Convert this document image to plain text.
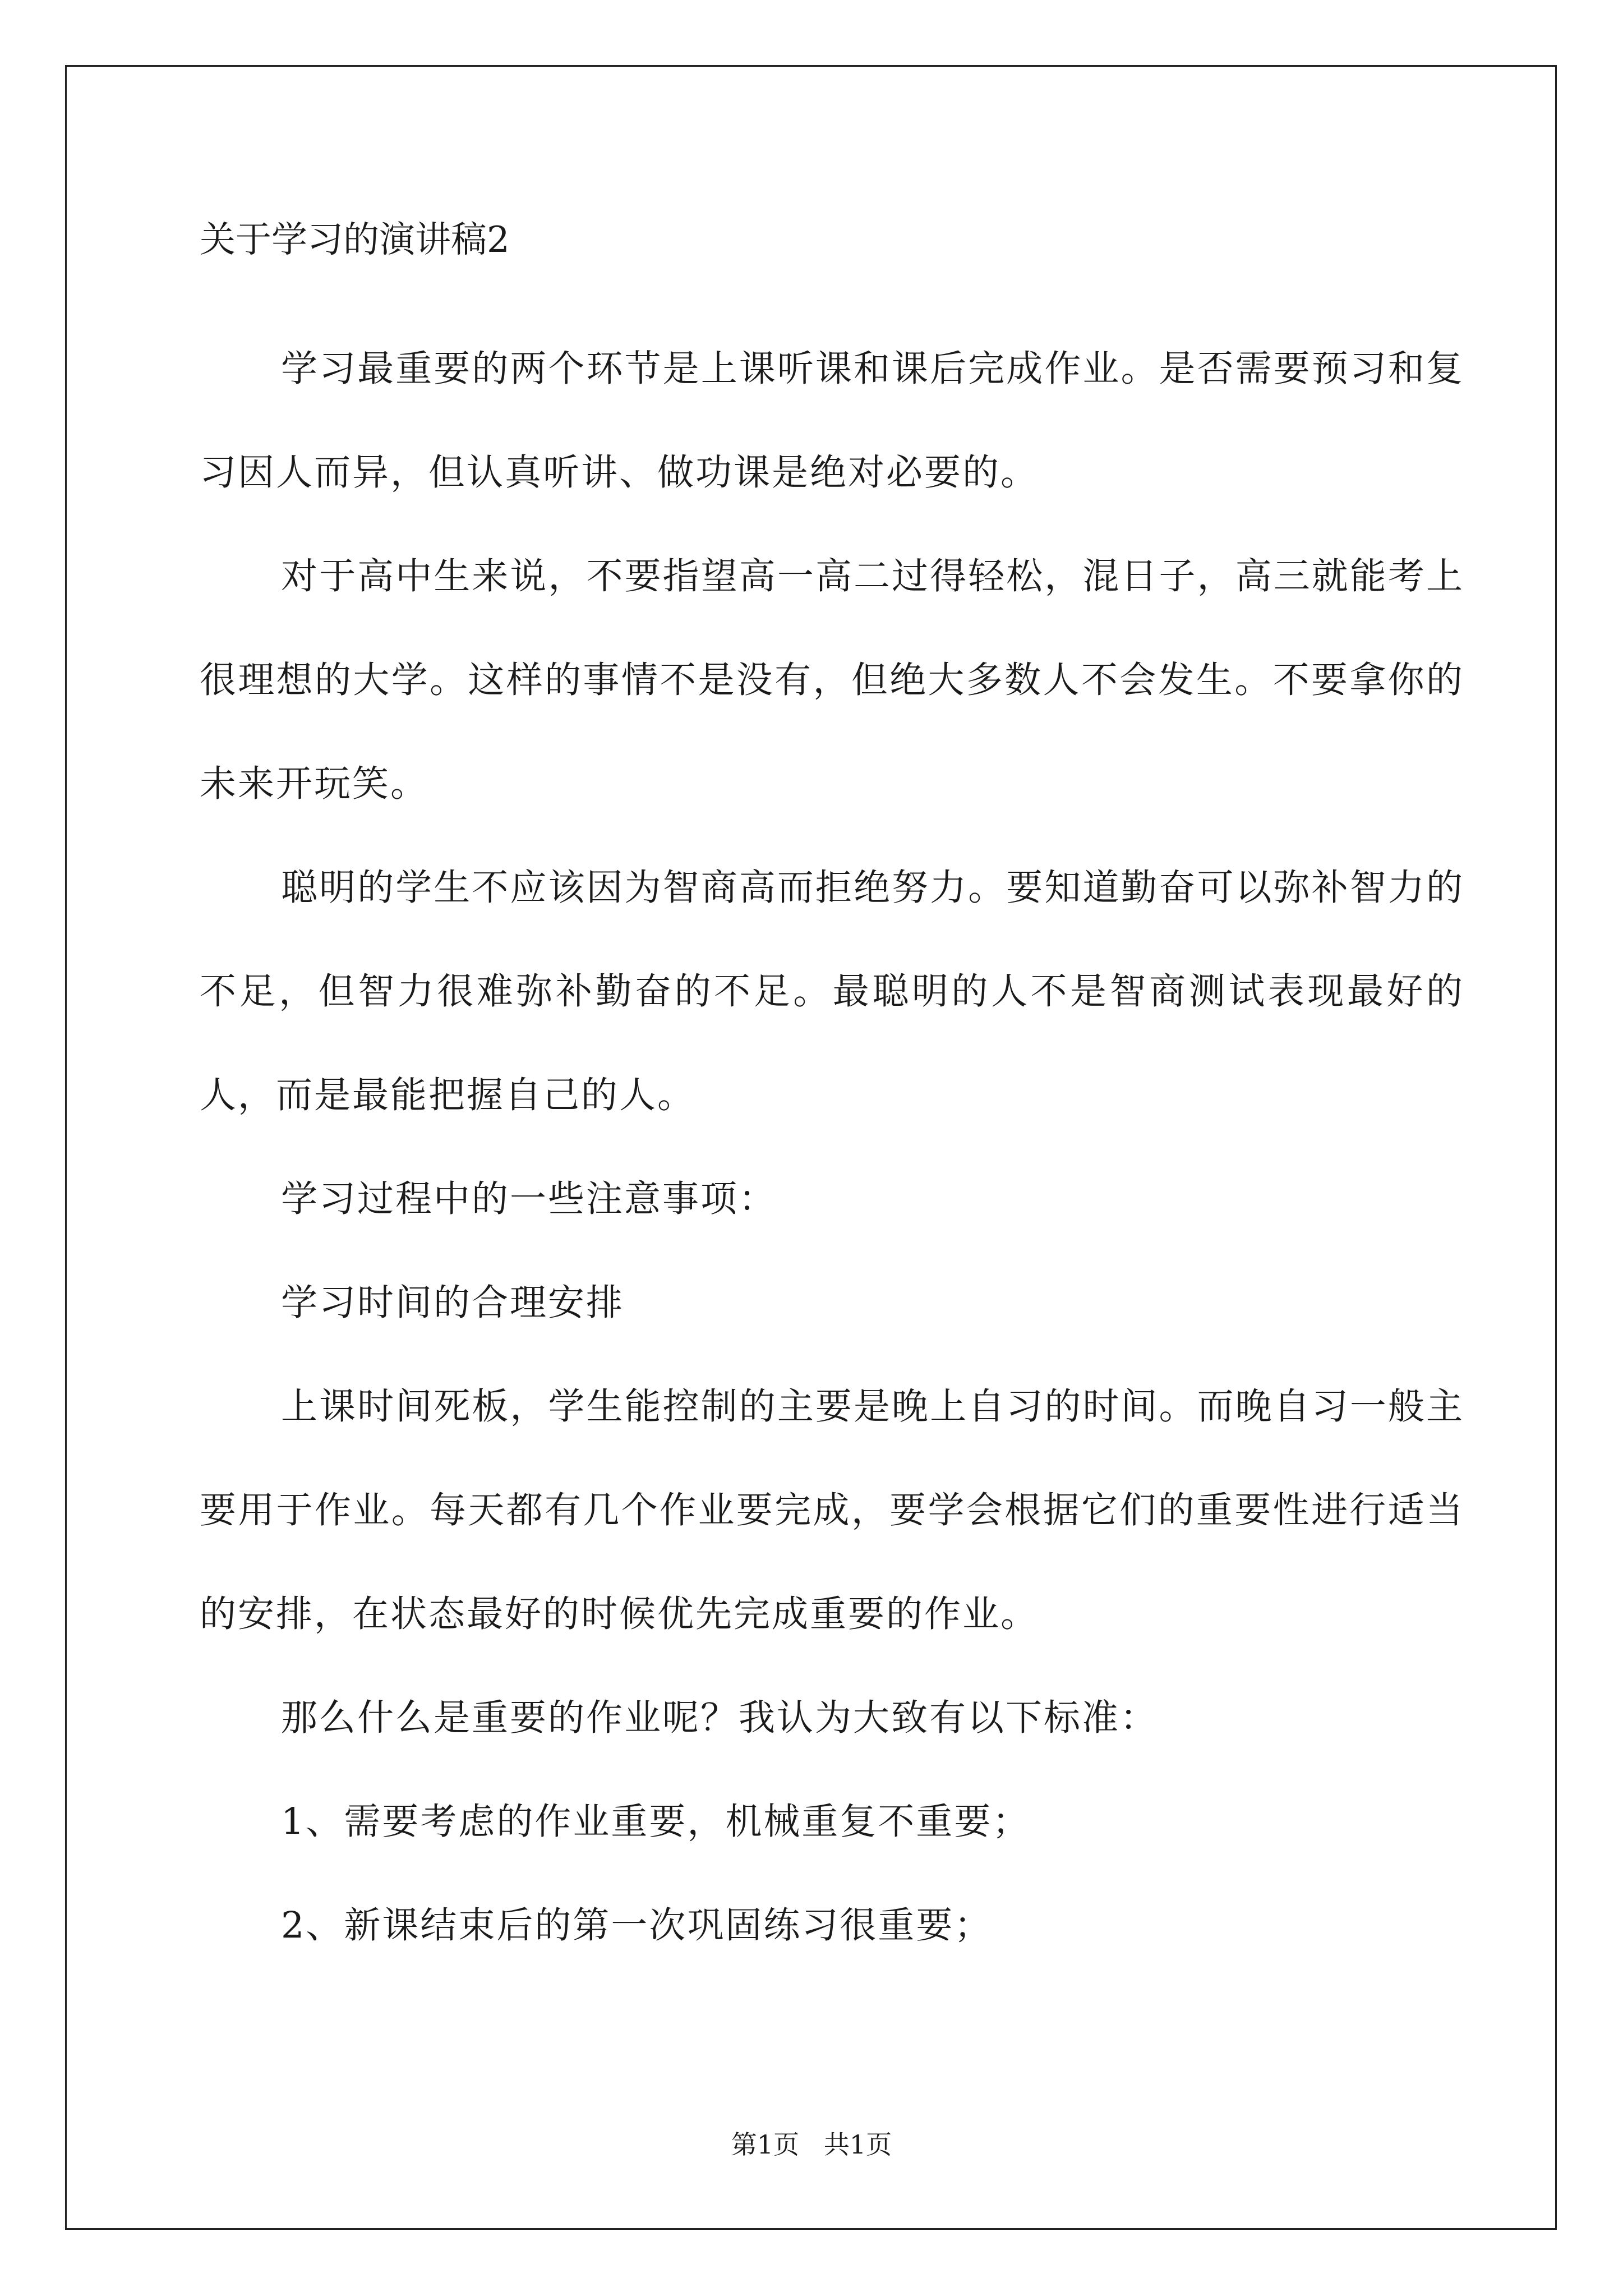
关于学习的演讲稿2

学习最重要的两个环节是上课听课和课后完成作业。是否需要预习和复习因人而异，但认真听讲、做功课是绝对必要的。

对于高中生来说，不要指望高一高二过得轻松，混日子，高三就能考上很理想的大学。这样的事情不是没有，但绝大多数人不会发生。不要拿你的未来开玩笑。

聪明的学生不应该因为智商高而拒绝努力。要知道勤奋可以弥补智力的不足，但智力很难弥补勤奋的不足。最聪明的人不是智商测试表现最好的人，而是最能把握自己的人。

学习过程中的一些注意事项：

学习时间的合理安排

上课时间死板，学生能控制的主要是晚上自习的时间。而晚自习一般主要用于作业。每天都有几个作业要完成，要学会根据它们的重要性进行适当的安排，在状态最好的时候优先完成重要的作业。

那么什么是重要的作业呢？我认为大致有以下标准：

1、需要考虑的作业重要，机械重复不重要；

2、新课结束后的第一次巩固练习很重要；

第1页   共1页
